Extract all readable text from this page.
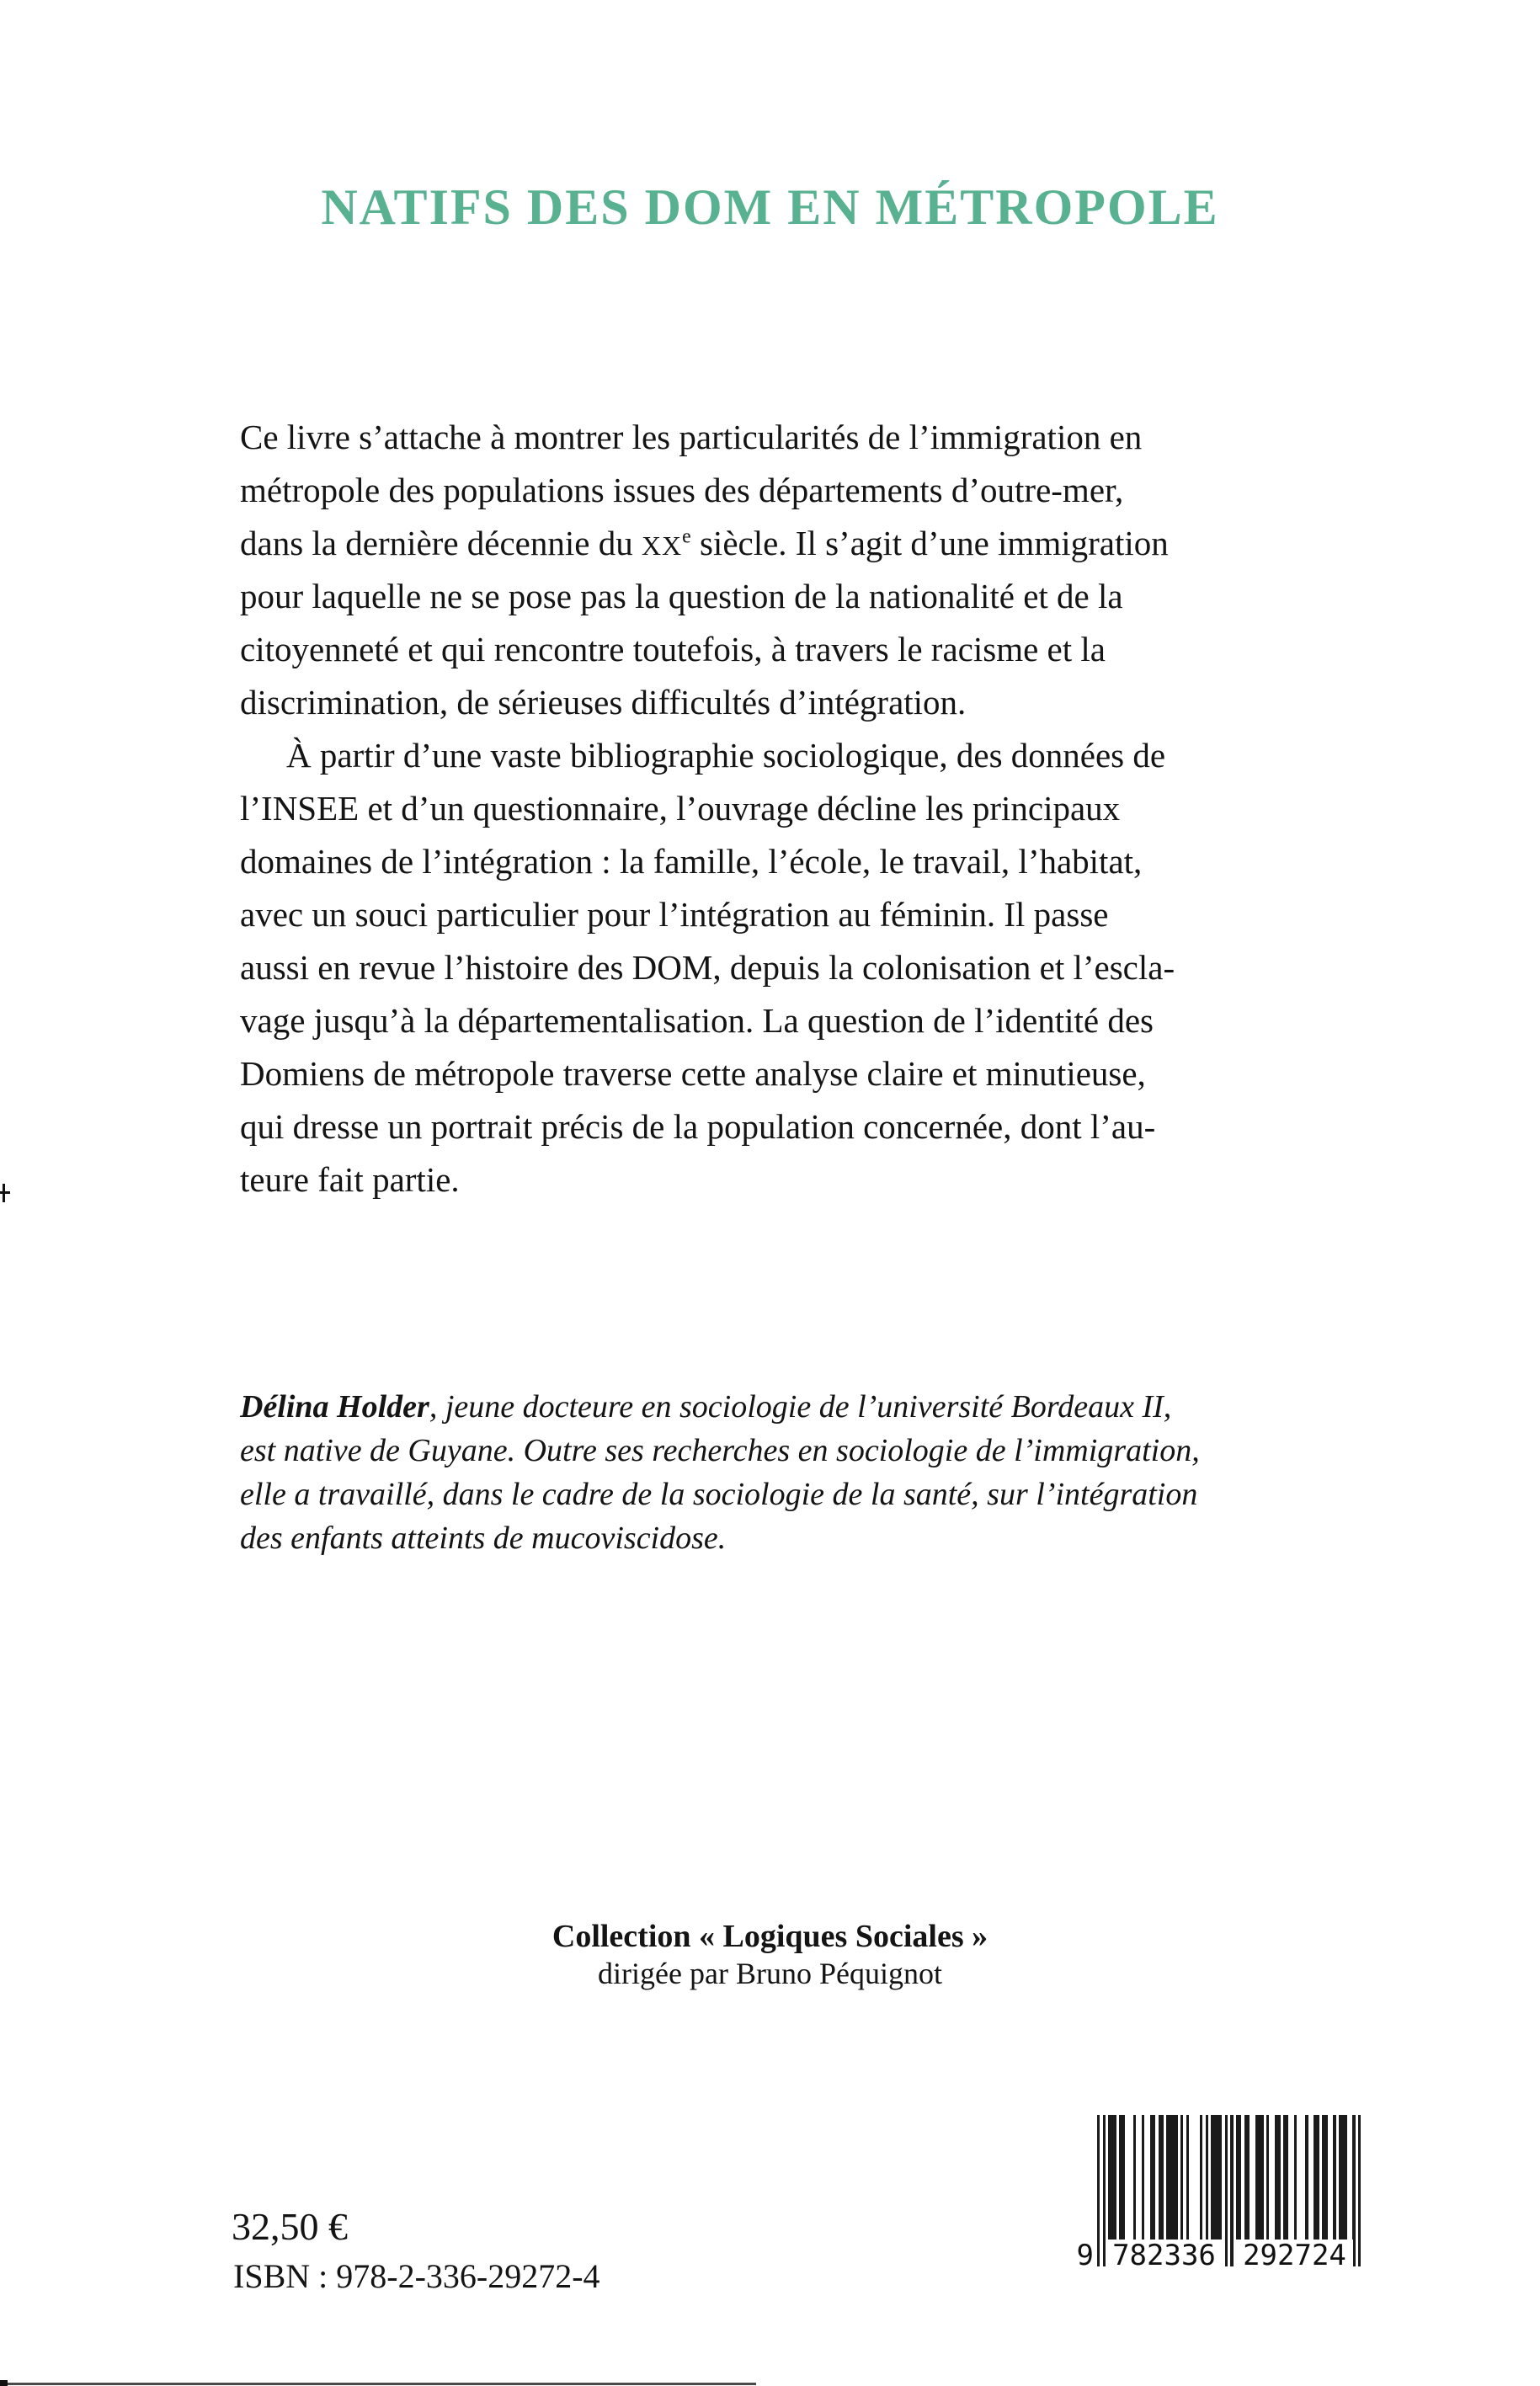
NATIFS DES DOM EN MÉTROPOLE
Ce livre s’attache à montrer les particularités de l’immigration en
métropole des populations issues des départements d’outre-mer,
dans la dernière décennie du XXe siècle. Il s’agit d’une immigration
pour laquelle ne se pose pas la question de la nationalité et de la
citoyenneté et qui rencontre toutefois, à travers le racisme et la
discrimination, de sérieuses difficultés d’intégration.
À partir d’une vaste bibliographie sociologique, des données de
l’INSEE et d’un questionnaire, l’ouvrage décline les principaux
domaines de l’intégration : la famille, l’école, le travail, l’habitat,
avec un souci particulier pour l’intégration au féminin. Il passe
aussi en revue l’histoire des DOM, depuis la colonisation et l’escla-
vage jusqu’à la départementalisation. La question de l’identité des
Domiens de métropole traverse cette analyse claire et minutieuse,
qui dresse un portrait précis de la population concernée, dont l’au-
teure fait partie.
Délina Holder, jeune docteure en sociologie de l’université Bordeaux II,
est native de Guyane. Outre ses recherches en sociologie de l’immigration,
elle a travaillé, dans le cadre de la sociologie de la santé, sur l’intégration
des enfants atteints de mucoviscidose.
Collection « Logiques Sociales »
dirigée par Bruno Péquignot
32,50 €
ISBN : 978-2-336-29272-4
9 782336 292724
